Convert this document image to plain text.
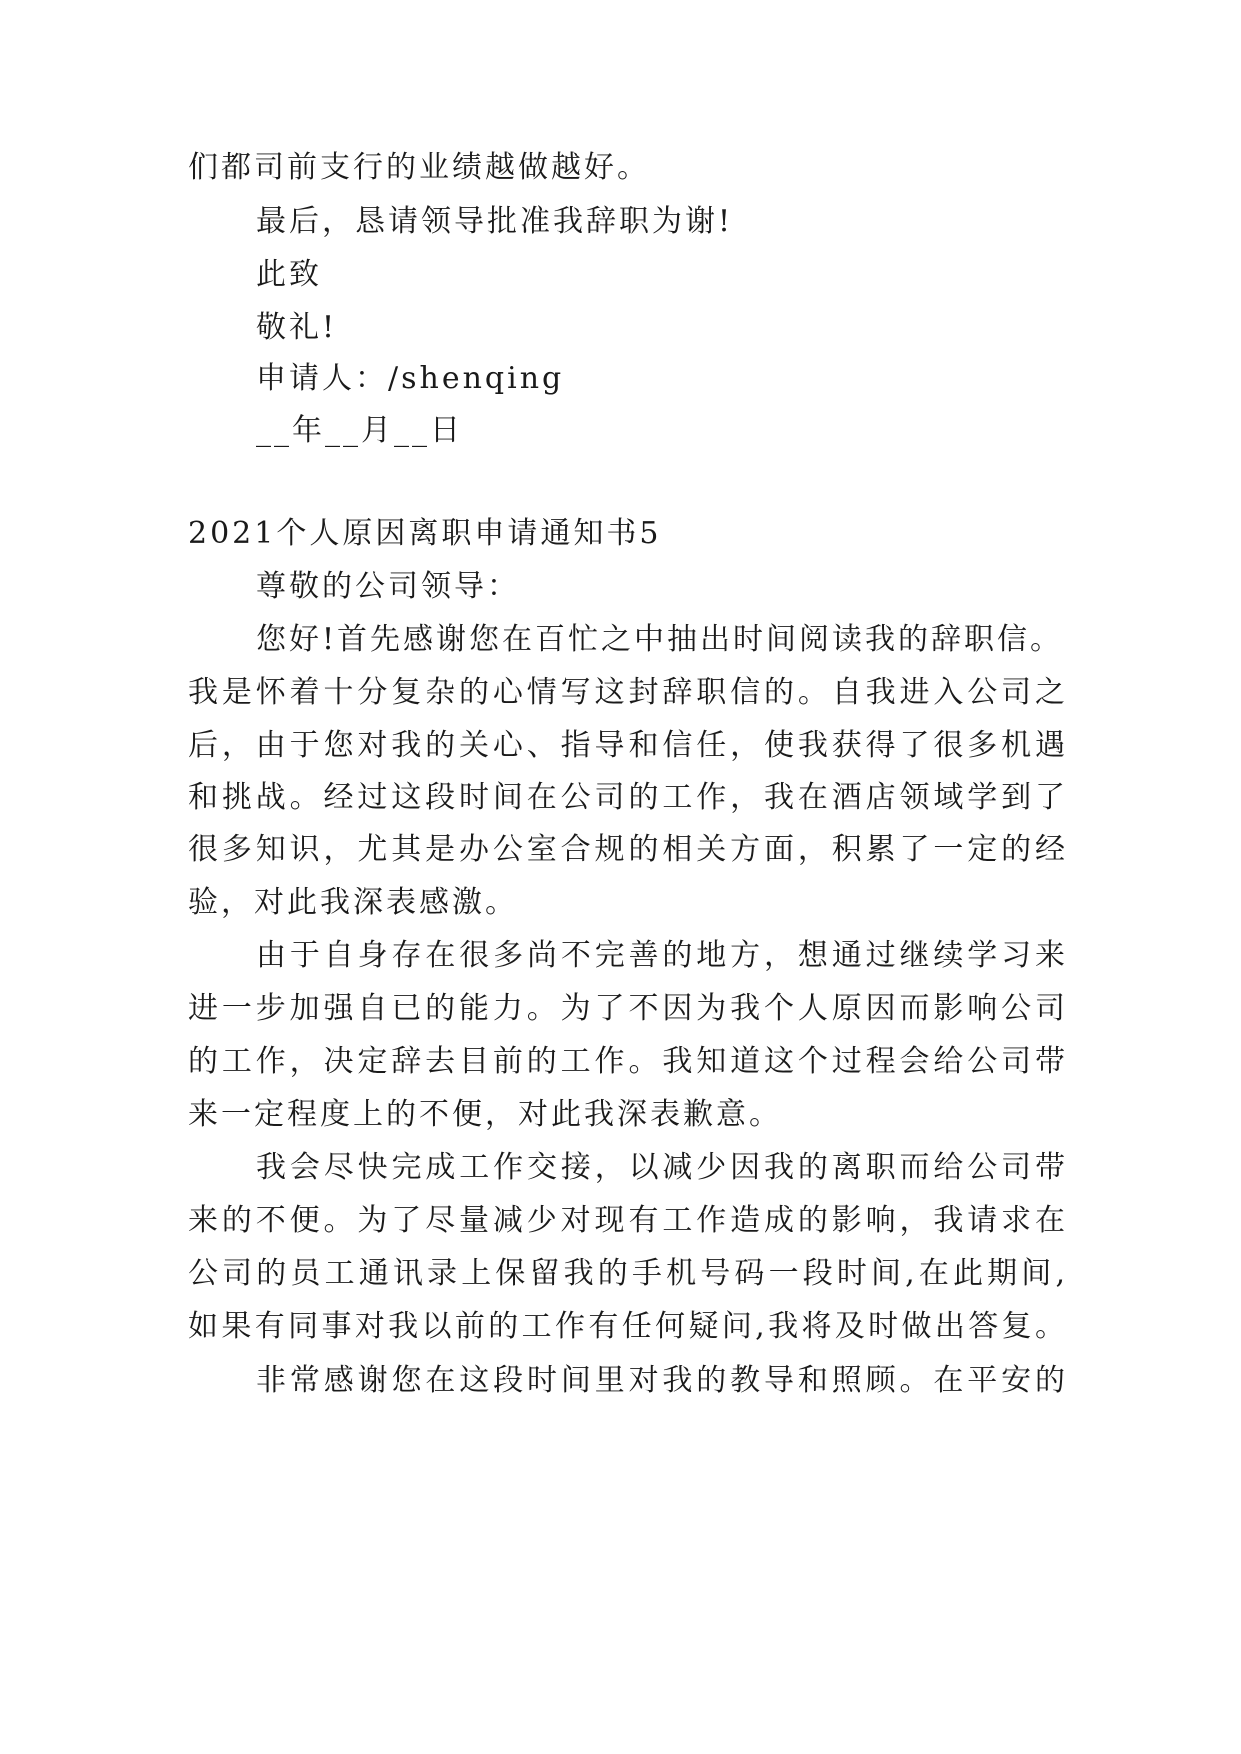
们都司前支行的业绩越做越好。
最后，恳请领导批准我辞职为谢!
此致
敬礼!
申请人：/shenqing
__年__月__日
2021个人原因离职申请通知书5
尊敬的公司领导：
您好!首先感谢您在百忙之中抽出时间阅读我的辞职信。
我是怀着十分复杂的心情写这封辞职信的。自我进入公司之
后，由于您对我的关心、指导和信任，使我获得了很多机遇
和挑战。经过这段时间在公司的工作，我在酒店领域学到了
很多知识，尤其是办公室合规的相关方面，积累了一定的经
验，对此我深表感激。
由于自身存在很多尚不完善的地方，想通过继续学习来
进一步加强自已的能力。为了不因为我个人原因而影响公司
的工作，决定辞去目前的工作。我知道这个过程会给公司带
来一定程度上的不便，对此我深表歉意。
我会尽快完成工作交接，以减少因我的离职而给公司带
来的不便。为了尽量减少对现有工作造成的影响，我请求在
公司的员工通讯录上保留我的手机号码一段时间,在此期间,
如果有同事对我以前的工作有任何疑问,我将及时做出答复。
非常感谢您在这段时间里对我的教导和照顾。在平安的
